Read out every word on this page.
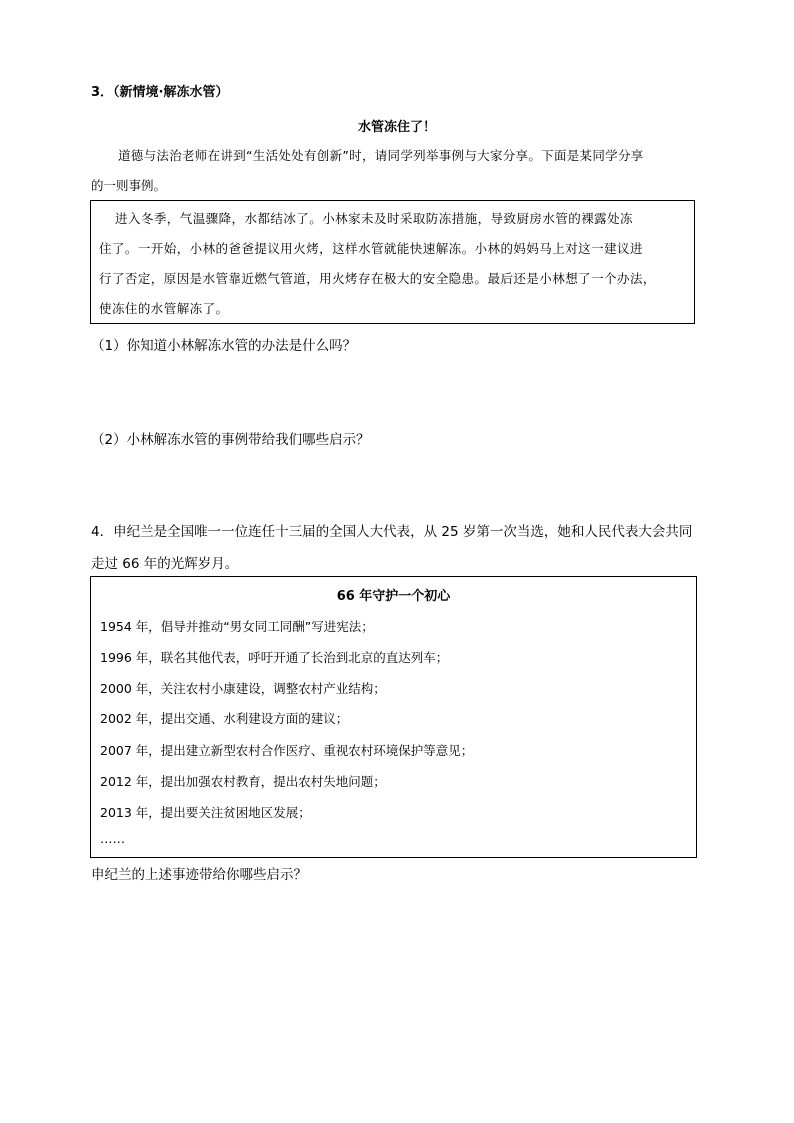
3．（新情境·解冻水管）
水管冻住了！
道德与法治老师在讲到“生活处处有创新”时，请同学列举事例与大家分享。下面是某同学分享
的一则事例。
进入冬季，气温骤降，水都结冰了。小林家未及时采取防冻措施，导致厨房水管的裸露处冻
住了。一开始，小林的爸爸提议用火烤，这样水管就能快速解冻。小林的妈妈马上对这一建议进
行了否定，原因是水管靠近燃气管道，用火烤存在极大的安全隐患。最后还是小林想了一个办法，
使冻住的水管解冻了。
（1）你知道小林解冻水管的办法是什么吗？
（2）小林解冻水管的事例带给我们哪些启示？
4．申纪兰是全国唯一一位连任十三届的全国人大代表，从 25 岁第一次当选，她和人民代表大会共同
走过 66 年的光辉岁月。
66 年守护一个初心
1954 年，倡导并推动“男女同工同酬”写进宪法；
1996 年，联名其他代表，呼吁开通了长治到北京的直达列车；
2000 年，关注农村小康建设，调整农村产业结构；
2002 年，提出交通、水利建设方面的建议；
2007 年，提出建立新型农村合作医疗、重视农村环境保护等意见；
2012 年，提出加强农村教育，提出农村失地问题；
2013 年，提出要关注贫困地区发展；
……
申纪兰的上述事迹带给你哪些启示？
